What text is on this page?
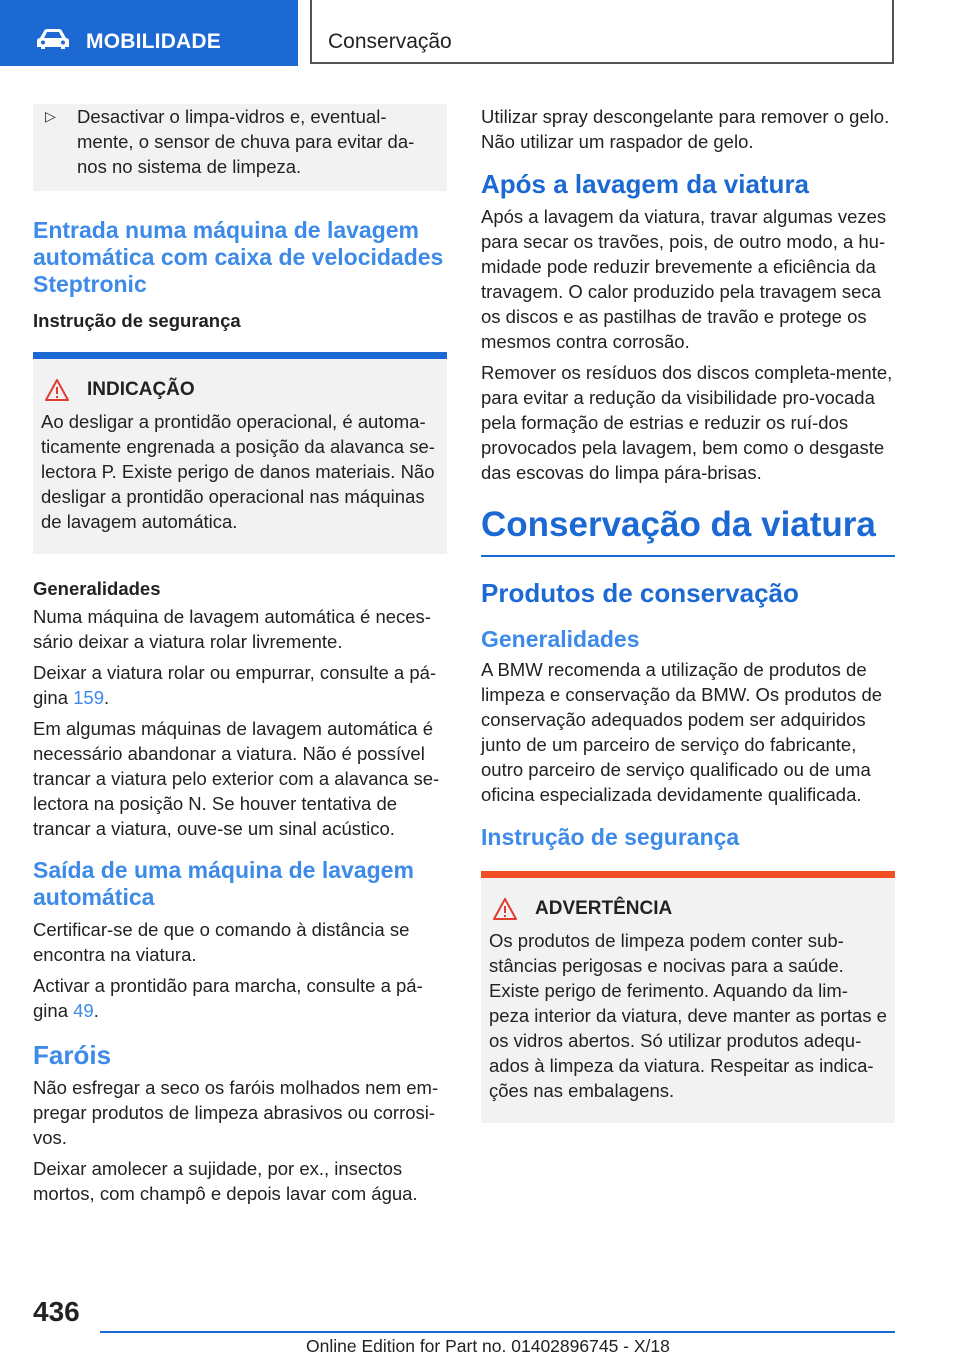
MOBILIDADE	Conservação
▷	Desactivar o limpa-vidros e, eventual-mente, o sensor de chuva para evitar da-nos no sistema de limpeza.
Entrada numa máquina de lavagem automática com caixa de velocidades Steptronic
Instrução de segurança
INDICAÇÃO

Ao desligar a prontidão operacional, é automa-ticamente engrenada a posição da alavanca se-lectora P. Existe perigo de danos materiais. Não desligar a prontidão operacional nas máquinas de lavagem automática.

Generalidades

Numa máquina de lavagem automática é neces-sário deixar a viatura rolar livremente.

Deixar a viatura rolar ou empurrar, consulte a pá-gina 159.

Em algumas máquinas de lavagem automática é necessário abandonar a viatura. Não é possível trancar a viatura pelo exterior com a alavanca se-lectora na posição N. Se houver tentativa de trancar a viatura, ouve-se um sinal acústico.

Saída de uma máquina de lavagem automática

Certificar-se de que o comando à distância se encontra na viatura.

Activar a prontidão para marcha, consulte a pá-gina 49.

Faróis

Não esfregar a seco os faróis molhados nem em-pregar produtos de limpeza abrasivos ou corrosi-vos.

Deixar amolecer a sujidade, por ex., insectos mortos, com champô e depois lavar com água.

Utilizar spray descongelante para remover o gelo. Não utilizar um raspador de gelo.

Após a lavagem da viatura

Após a lavagem da viatura, travar algumas vezes para secar os travões, pois, de outro modo, a hu-midade pode reduzir brevemente a eficiência da travagem. O calor produzido pela travagem seca os discos e as pastilhas de travão e protege os mesmos contra corrosão.

Remover os resíduos dos discos completa-mente, para evitar a redução da visibilidade pro-vocada pela formação de estrias e reduzir os ruí-dos provocados pela lavagem, bem como o desgaste das escovas do limpa pára-brisas.

Conservação da viatura
Produtos de conservação
Generalidades

A BMW recomenda a utilização de produtos de limpeza e conservação da BMW. Os produtos de conservação adequados podem ser adquiridos junto de um parceiro de serviço do fabricante, outro parceiro de serviço qualificado ou de uma oficina especializada devidamente qualificada.

Instrução de segurança
ADVERTÊNCIA

Os produtos de limpeza podem conter sub-stâncias perigosas e nocivas para a saúde. Existe perigo de ferimento. Aquando da lim-peza interior da viatura, deve manter as portas e os vidros abertos. Só utilizar produtos adequ-ados à limpeza da viatura. Respeitar as indica-ções nas embalagens.

436
Online Edition for Part no. 01402896745 - X/18
